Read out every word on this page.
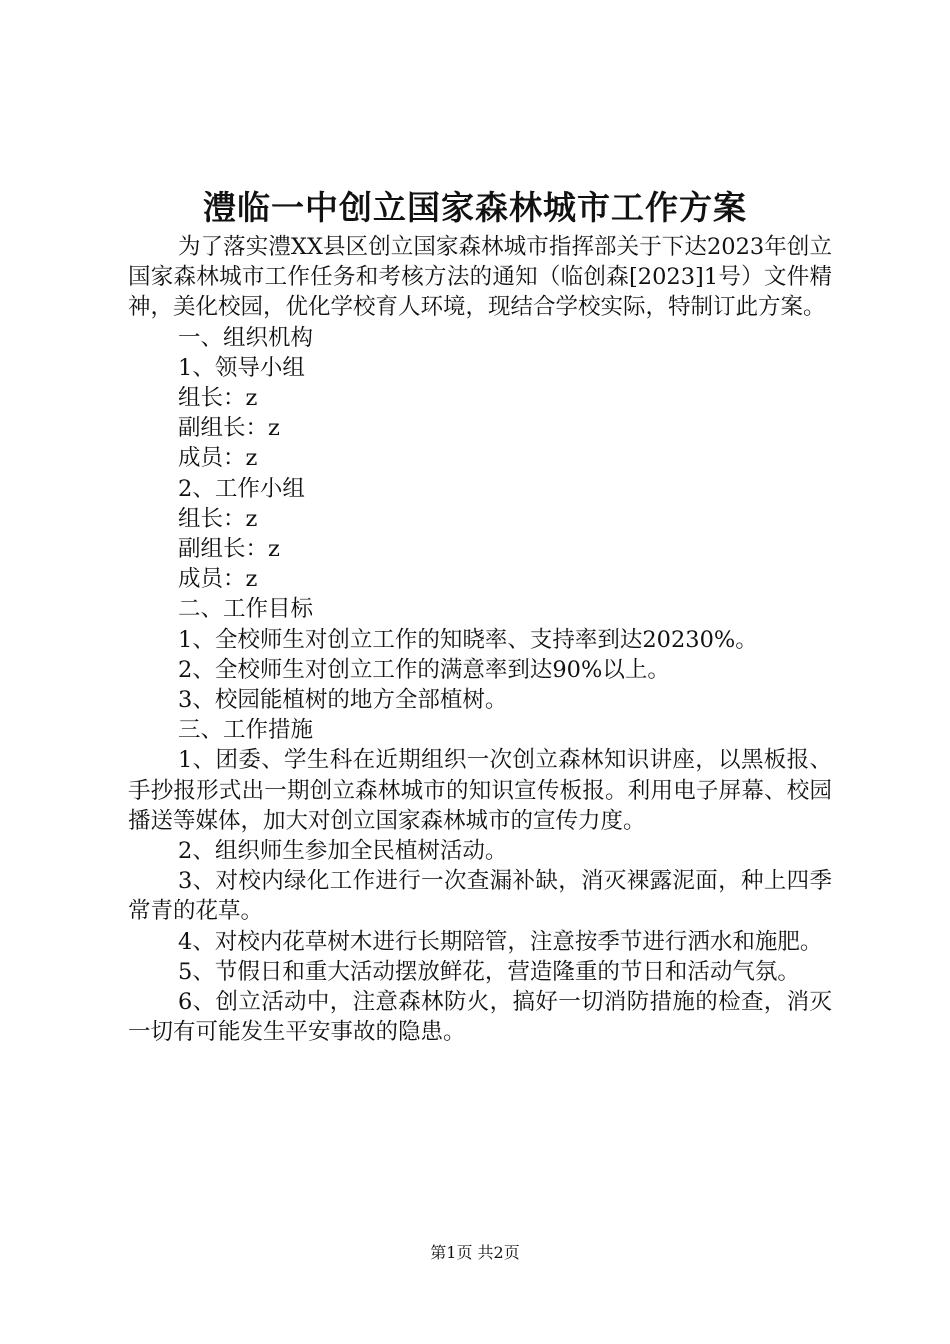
澧临一中创立国家森林城市工作方案

为了落实澧XX县区创立国家森林城市指挥部关于下达2023年创立国家森林城市工作任务和考核方法的通知（临创森[2023]1号）文件精神，美化校园，优化学校育人环境，现结合学校实际，特制订此方案。

一、组织机构

1、领导小组

组长：z

副组长：z

成员：z

2、工作小组

组长：z

副组长：z

成员：z

二、工作目标

1、全校师生对创立工作的知晓率、支持率到达20230%。

2、全校师生对创立工作的满意率到达90%以上。

3、校园能植树的地方全部植树。

三、工作措施

1、团委、学生科在近期组织一次创立森林知识讲座，以黑板报、手抄报形式出一期创立森林城市的知识宣传板报。利用电子屏幕、校园播送等媒体，加大对创立国家森林城市的宣传力度。

2、组织师生参加全民植树活动。

3、对校内绿化工作进行一次查漏补缺，消灭裸露泥面，种上四季常青的花草。

4、对校内花草树木进行长期陪管，注意按季节进行洒水和施肥。

5、节假日和重大活动摆放鲜花，营造隆重的节日和活动气氛。

6、创立活动中，注意森林防火，搞好一切消防措施的检查，消灭一切有可能发生平安事故的隐患。

第1页 共2页
